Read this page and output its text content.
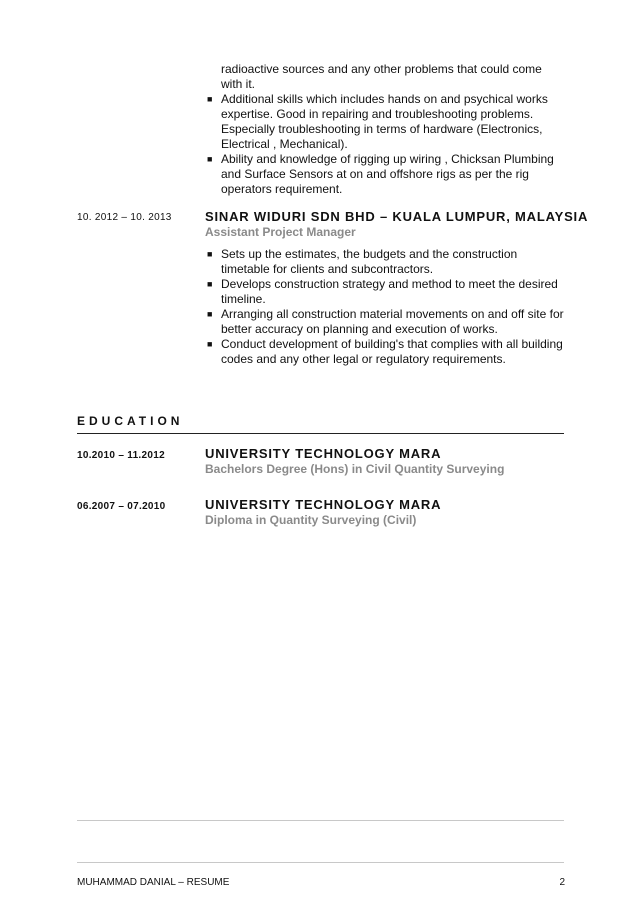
radioactive sources and any other problems that could come
with it.
■ Additional skills which includes hands on and psychical works
expertise. Good in repairing and troubleshooting problems.
Especially troubleshooting in terms of hardware (Electronics,
Electrical , Mechanical).
■ Ability and knowledge of rigging up wiring , Chicksan Plumbing
and Surface Sensors at on and offshore rigs as per the rig
operators requirement.
10. 2012 – 10. 2013	SINAR WIDURI SDN BHD – KUALA LUMPUR, MALAYSIA
Assistant Project Manager
■ Sets up the estimates, the budgets and the construction
timetable for clients and subcontractors.
■ Develops construction strategy and method to meet the desired
timeline.
■ Arranging all construction material movements on and off site for
better accuracy on planning and execution of works.
■ Conduct development of building's that complies with all building
codes and any other legal or regulatory requirements.
EDUCATION
10.2010 – 11.2012	UNIVERSITY TECHNOLOGY MARA
Bachelors Degree (Hons) in Civil Quantity Surveying
06.2007 – 07.2010	UNIVERSITY TECHNOLOGY MARA
Diploma in Quantity Surveying (Civil)
MUHAMMAD DANIAL – RESUME	2
